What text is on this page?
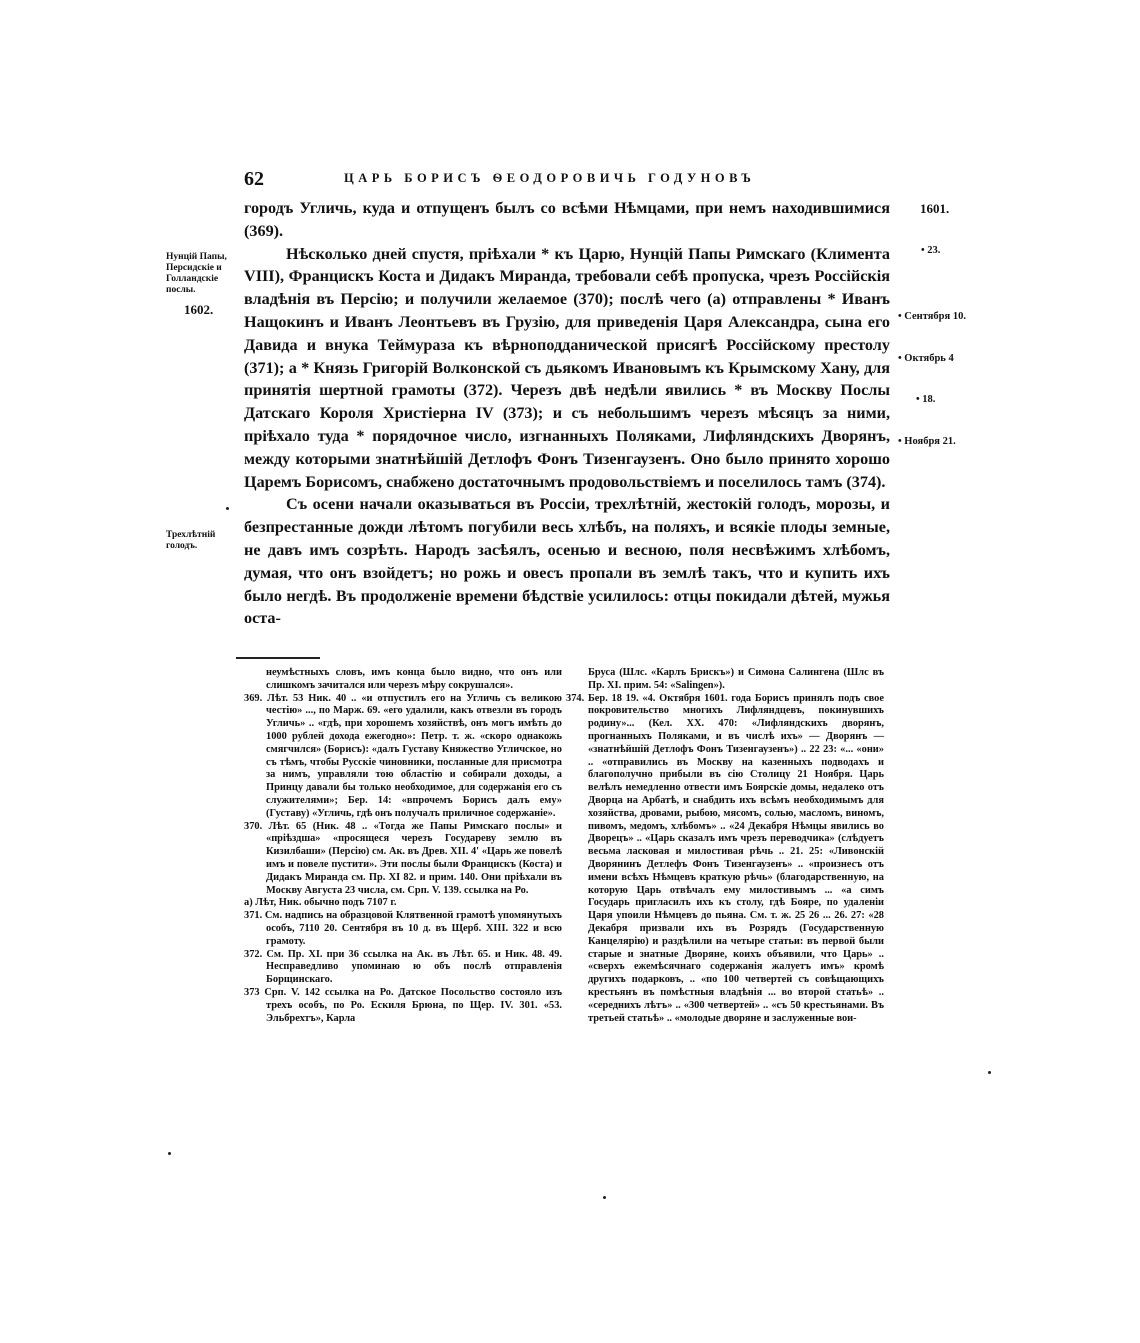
62	ЦАРЬ БОРИСЪ ѲЕОДОРОВИЧЬ ГОДУНОВЪ
Нунцій Папы, Персидскіе и Голландскіе послы.
1602.
Трехлѣтній голодъ.
1601.
• 23.
• Сентября 10.
• Октябрь 4
• 18.
• Ноября 21.

городъ Угличь, куда и отпущенъ былъ со всѣми Нѣмцами, при немъ находившимися (369).

Нѣсколько дней спустя, пріѣхали * къ Царю, Нунцій Папы Римскаго (Климента VIII), Францискъ Коста и Дидакъ Миранда, требовали себѣ пропуска, чрезъ Россійскія владѣнія въ Персію; и получили желаемое (370); послѣ чего (а) отправлены * Иванъ Нащокинъ и Иванъ Леонтьевъ въ Грузію, для приведенія Царя Александра, сына его Давида и внука Теймураза къ вѣрноподданической присягѣ Россійскому престолу (371); а * Князь Григорій Волконской съ дьякомъ Ивановымъ къ Крымскому Хану, для принятія шертной грамоты (372). Черезъ двѣ недѣли явились * въ Москву Послы Датскаго Короля Христіерна IV (373); и съ небольшимъ черезъ мѣсяцъ за ними, пріѣхало туда * порядочное число, изгнанныхъ Поляками, Лифляндскихъ Дворянъ, между которыми знатнѣйшій Детлофъ Фонъ Тизенгаузенъ. Оно было принято хорошо Царемъ Борисомъ, снабжено достаточнымъ продовольствіемъ и поселилось тамъ (374).

Съ осени начали оказываться въ Россіи, трехлѣтній, жестокій голодъ, морозы, и безпрестанные дожди лѣтомъ погубили весь хлѣбъ, на поляхъ, и всякіе плоды земные, не давъ имъ созрѣть. Народъ засѣялъ, осенью и весною, поля несвѣжимъ хлѣбомъ, думая, что онъ взойдетъ; но рожь и овесъ пропали въ землѣ такъ, что и купить ихъ было негдѣ. Въ продолженіе времени бѣдствіе усилилось: отцы покидали дѣтей, мужья оста-

неумѣстныхъ словъ, имъ конца было видно, что онъ или слишкомъ зачитался или черезъ мѣру сокрушался».

369. Лѣт. 53 Ник. 40 .. «и отпустилъ его на Угличь съ великою честію» ..., по Марж. 69. «его удалили, какъ отвезли въ городъ Угличь» .. «гдѣ, при хорошемъ хозяйствѣ, онъ могъ имѣть до 1000 рублей дохода ежегодно»: Петр. т. ж. «скоро однакожь смягчился» (Борисъ): «далъ Густаву Княжество Угличское, но съ тѣмъ, чтобы Русскіе чиновники, посланные для присмотра за нимъ, управляли тою областію и собирали доходы, а Принцу давали бы только необходимое, для содержанія его съ служителями»; Бер. 14: «впрочемъ Борисъ далъ ему» (Густаву) «Угличь, гдѣ онъ получалъ приличное содержаніе».

370. Лѣт. 65 (Ник. 48 .. «Тогда же Папы Римскаго послы» и «пріѣздша» «просящеся черезъ Государеву землю въ Кизилбаши» (Персію) см. Ак. въ Древ. XII. 4' «Царь же повелѣ имъ и повеле пустити». Эти послы были Францискъ (Коста) и Дидакъ Миранда см. Пр. XI 82. и прим. 140. Они пріѣхали въ Москву Августа 23 числа, см. Срп. V. 139. ссылка на Ро.

а) Лѣт, Ник. обычно подъ 7107 г.

371. См. надпись на образцовой Клятвенной грамотѣ упомянутыхъ особъ, 7110 20. Сентября въ 10 д. въ Щерб. XIII. 322 и всю грамоту.

372. См. Пр. XI. при 36 ссылка на Ак. въ Лѣт. 65. и Ник. 48. 49. Несправедливо упоминаю ю объ послѣ отправленія Борщинскаго.

373 Срп. V. 142 ссылка на Ро. Датское Посольство состояло изъ трехъ особъ, по Ро. Ескиля Брюна, по Щер. IV. 301. «53. Эльбрехтъ», Карла

Бруса (Шлс. «Карлъ Брискъ») и Симона Салингена (Шлс въ Пр. XI. прим. 54: «Salingen»).

374. Бер. 18 19. «4. Октября 1601. года Борисъ принялъ подъ свое покровительство многихъ Лифляндцевъ, покинувшихъ родину»... (Кел. XX. 470: «Лифляндскихъ дворянъ, прогнанныхъ Поляками, и въ числѣ ихъ» — Дворянъ — «знатнѣйшій Детлофъ Фонъ Тизенгаузенъ») .. 22 23: «... «они» .. «отправились въ Москву на казенныхъ подводахъ и благополучно прибыли въ сію Столицу 21 Ноября. Царь велѣлъ немедленно отвести имъ Боярскіе домы, недалеко отъ Дворца на Арбатѣ, и снабдить ихъ всѣмъ необходимымъ для хозяйства, дровами, рыбою, мясомъ, солью, масломъ, виномъ, пивомъ, медомъ, хлѣбомъ» .. «24 Декабря Нѣмцы явились во Дворецъ» .. «Царь сказалъ имъ чрезъ переводчика» (слѣдуетъ весьма ласковая и милостивая рѣчь .. 21. 25: «Ливонскій Дворянинъ Детлефъ Фонъ Тизенгаузенъ» .. «произнесъ отъ имени всѣхъ Нѣмцевъ краткую рѣчь» (благодарственную, на которую Царь отвѣчалъ ему милостивымъ ... «а симъ Государь пригласилъ ихъ къ столу, гдѣ Бояре, по удаленіи Царя упоили Нѣмцевъ до пьяна. См. т. ж. 25 26 ... 26. 27: «28 Декабря призвали ихъ въ Розрядъ (Государственную Канцелярію) и раздѣлили на четыре статьи: въ первой были старые и знатные Дворяне, коихъ объявили, что Царь» .. «сверхъ ежемѣсячнаго содержанія жалуетъ имъ» кромѣ другихъ подарковъ, .. «по 100 четвертей съ совѣщающихъ крестьянъ въ помѣстныя владѣнія ... во второй статьѣ» .. «середнихъ лѣтъ» .. «300 четвертей» .. «съ 50 крестьянами. Въ третьей статьѣ» .. «молодые дворяне и заслуженные вои-
